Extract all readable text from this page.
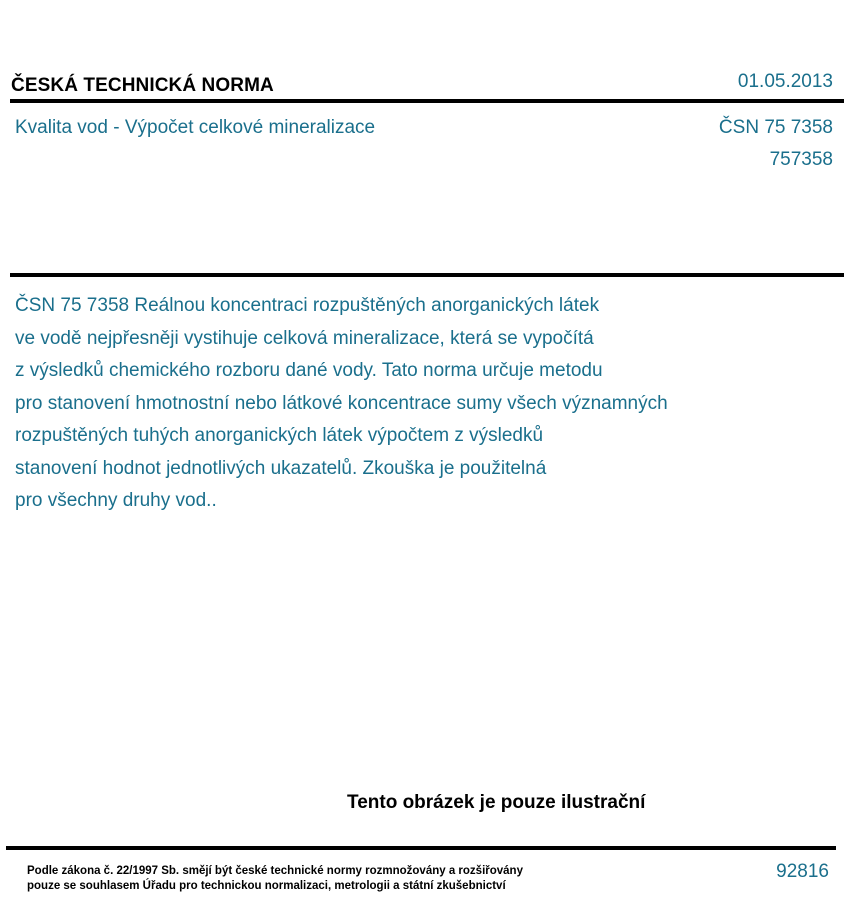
ČESKÁ TECHNICKÁ NORMA	01.05.2013
Kvalita vod - Výpočet celkové mineralizace	ČSN 75 7358
757358
ČSN 75 7358 Reálnou koncentraci rozpuštěných anorganických látek
ve vodě nejpřesněji vystihuje celková mineralizace, která se vypočítá
z výsledků chemického rozboru dané vody. Tato norma určuje metodu
pro stanovení hmotnostní nebo látkové koncentrace sumy všech významných
rozpuštěných tuhých anorganických látek výpočtem z výsledků
stanovení hodnot jednotlivých ukazatelů. Zkouška je použitelná
pro všechny druhy vod..
Tento obrázek je pouze ilustrační
Podle zákona č. 22/1997 Sb. smějí být české technické normy rozmnožovány a rozšiřovány
pouze se souhlasem Úřadu pro technickou normalizaci, metrologii a státní zkušebnictví
92816
